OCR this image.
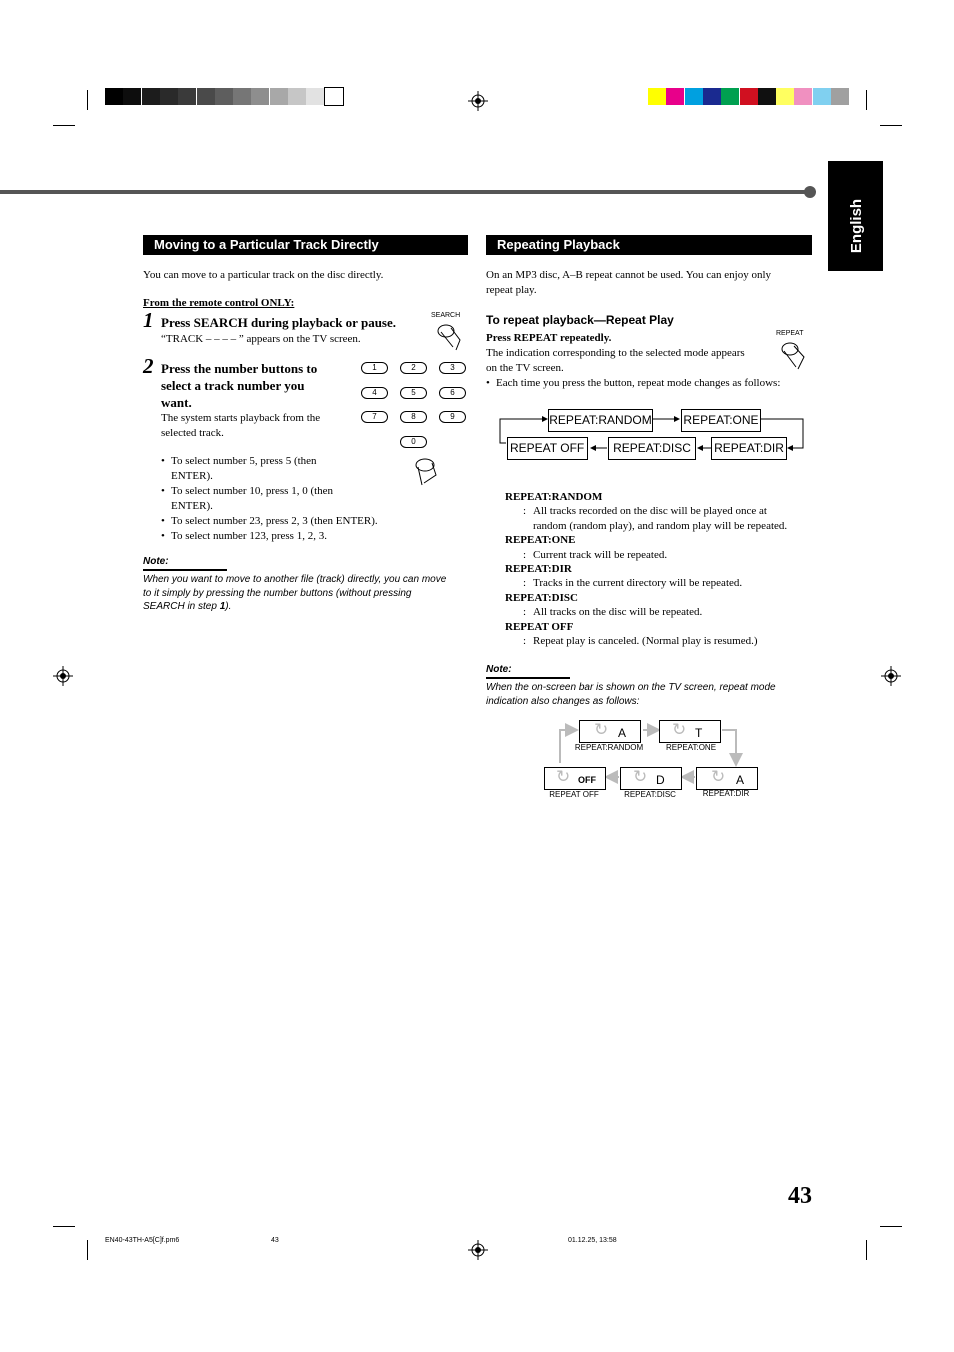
English
Moving to a Particular Track Directly
You can move to a particular track on the disc directly.
From the remote control ONLY:
1 Press SEARCH during playback or pause.
“TRACK – – – – ” appears on the TV screen.
SEARCH
2 Press the number buttons to
select a track number you
want.
The system starts playback from the
selected track.
1	2	3
4	5	6
7	8	9
0
• To select number 5, press 5 (then
ENTER).
• To select number 10, press 1, 0 (then
ENTER).
• To select number 23, press 2, 3 (then ENTER).
• To select number 123, press 1, 2, 3.
Note:
When you want to move to another file (track) directly, you can move
to it simply by pressing the number buttons (without pressing
SEARCH in step 1).
Repeating Playback
On an MP3 disc, A–B repeat cannot be used. You can enjoy only
repeat play.
To repeat playback—Repeat Play
Press REPEAT repeatedly.
The indication corresponding to the selected mode appears
on the TV screen.
• Each time you press the button, repeat mode changes as follows:
REPEAT
REPEAT:RANDOM	REPEAT:ONE
REPEAT OFF	REPEAT:DISC	REPEAT:DIR
REPEAT:RANDOM
: All tracks recorded on the disc will be played once at
random (random play), and random play will be repeated.
REPEAT:ONE
: Current track will be repeated.
REPEAT:DIR
: Tracks in the current directory will be repeated.
REPEAT:DISC
: All tracks on the disc will be repeated.
REPEAT OFF
: Repeat play is canceled. (Normal play is resumed.)
Note:
When the on-screen bar is shown on the TV screen, repeat mode
indication also changes as follows:
↻ A
REPEAT:RANDOM
↻ T
REPEAT:ONE
↻ OFF
REPEAT OFF
↻ D
REPEAT:DISC
↻ A
REPEAT:DIR
43
EN40-43TH-A5[C]f.pm6	43	01.12.25, 13:58
